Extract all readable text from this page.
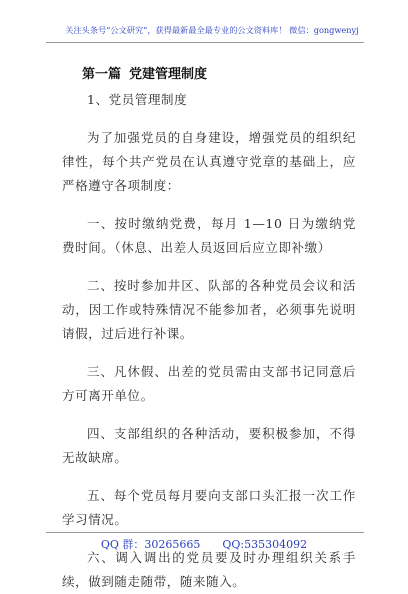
关注头条号“公文研究”，获得最新最全最专业的公文资料库！ 微信：gongwenyj
第一篇 党建管理制度

1、党员管理制度

为了加强党员的自身建设，增强党员的组织纪律性，每个共产党员在认真遵守党章的基础上，应严格遵守各项制度：

一、按时缴纳党费，每月 1—10 日为缴纳党费时间。（休息、出差人员返回后应立即补缴）

二、按时参加井区、队部的各种党员会议和活动，因工作或特殊情况不能参加者，必须事先说明请假，过后进行补课。

三、凡休假、出差的党员需由支部书记同意后方可离开单位。

四、支部组织的各种活动，要积极参加，不得无故缺席。

五、每个党员每月要向支部口头汇报一次工作学习情况。

六、调入调出的党员要及时办理组织关系手续，做到随走随带，随来随入。

QQ 群：30265665 QQ:535304092
